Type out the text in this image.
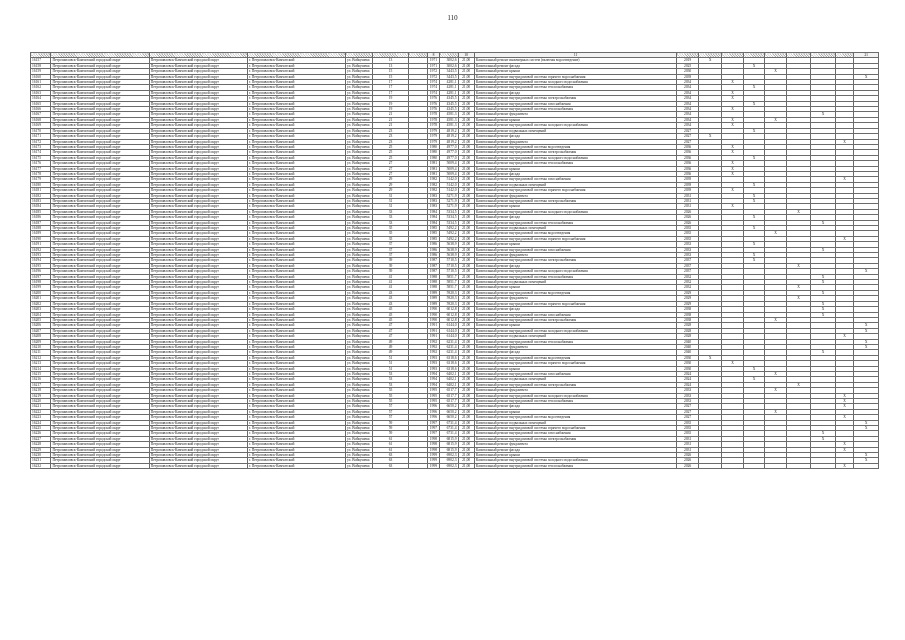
110
							8		10	11									21
16157	Петропавловск-Камчатский городской округ	Петропавловск-Камчатский городской округ	г. Петропавловск-Камчатский	ул. Войцешека	13		1971	3002,6	21,00	Капитальный ремонт инженерных систем (включая водоотведение)	2019	Х							
16158	Петропавловск-Камчатский городской округ	Петропавловск-Камчатский городской округ	г. Петропавловск-Камчатский	ул. Войцешека	13		1971	3002,6	21,00	Капитальный ремонт фасада	2025			Х					
16159	Петропавловск-Камчатский городской округ	Петропавловск-Камчатский городской округ	г. Петропавловск-Камчатский	ул. Войцешека	15		1972	3443,5	21,00	Капитальный ремонт крыши	2030				Х				
16160	Петропавловск-Камчатский городской округ	Петропавловск-Камчатский городской округ	г. Петропавловск-Камчатский	ул. Войцешека	15		1972	3443,5	21,00	Капитальный ремонт внутридомовой системы горячего водоснабжения	2039								Х
16161	Петропавловск-Камчатский городской округ	Петропавловск-Камчатский городской округ	г. Петропавловск-Камчатский	ул. Войцешека	17		1974	4281,1	21,00	Капитальный ремонт внутридомовой системы холодного водоснабжения	2034		Х						
16162	Петропавловск-Камчатский городской округ	Петропавловск-Камчатский городской округ	г. Петропавловск-Камчатский	ул. Войцешека	17		1974	4281,1	21,00	Капитальный ремонт внутридомовой системы теплоснабжения	2034			Х					
16163	Петропавловск-Камчатский городской округ	Петропавловск-Камчатский городской округ	г. Петропавловск-Камчатский	ул. Войцешека	17		1974	4281,1	21,00	Капитальный ремонт фасада	2034		Х						
16164	Петропавловск-Камчатский городской округ	Петропавловск-Камчатский городской округ	г. Петропавловск-Камчатский	ул. Войцешека	19		1976	4345,5	21,00	Капитальный ремонт внутридомовой системы электроснабжения	2034		Х						
16165	Петропавловск-Камчатский городской округ	Петропавловск-Камчатский городской округ	г. Петропавловск-Камчатский	ул. Войцешека	19		1976	4345,5	21,00	Капитальный ремонт внутридомовой системы газоснабжения	2034			Х					
16166	Петропавловск-Камчатский городской округ	Петропавловск-Камчатский городской округ	г. Петропавловск-Камчатский	ул. Войцешека	19		1976	4345,5	21,00	Капитальный ремонт внутридомовой системы теплоснабжения	2034		Х						
16167	Петропавловск-Камчатский городской округ	Петропавловск-Камчатский городской округ	г. Петропавловск-Камчатский	ул. Войцешека	21		1978	4581,3	21,00	Капитальный ремонт фундамента	2034						Х		
16168	Петропавловск-Камчатский городской округ	Петропавловск-Камчатский городской округ	г. Петропавловск-Камчатский	ул. Войцешека	21		1978	4581,3	21,00	Капитальный ремонт крыши	2034		Х		Х				
16169	Петропавловск-Камчатский городской округ	Петропавловск-Камчатский городской округ	г. Петропавловск-Камчатский	ул. Войцешека	21		1978	4581,3	21,00	Капитальный ремонт внутридомовой системы холодного водоснабжения	2034		Х						
16170	Петропавловск-Камчатский городской округ	Петропавловск-Камчатский городской округ	г. Петропавловск-Камчатский	ул. Войцешека	23		1979	4819,2	21,00	Капитальный ремонт подвальных помещений	2027			Х					
16171	Петропавловск-Камчатский городской округ	Петропавловск-Камчатский городской округ	г. Петропавловск-Камчатский	ул. Войцешека	23		1979	4819,2	21,00	Капитальный ремонт фасада	2027	Х							
16172	Петропавловск-Камчатский городской округ	Петропавловск-Камчатский городской округ	г. Петропавловск-Камчатский	ул. Войцешека	23		1979	4819,2	21,00	Капитальный ремонт фундамента	2027							Х	
16173	Петропавловск-Камчатский городской округ	Петропавловск-Камчатский городской округ	г. Петропавловск-Камчатский	ул. Войцешека	25		1980	4977,0	21,00	Капитальный ремонт внутридомовой системы водоотведения	2036		Х						
16174	Петропавловск-Камчатский городской округ	Петропавловск-Камчатский городской округ	г. Петропавловск-Камчатский	ул. Войцешека	25		1980	4977,0	21,00	Капитальный ремонт внутридомовой системы электроснабжения	2036		Х						
16175	Петропавловск-Камчатский городской округ	Петропавловск-Камчатский городской округ	г. Петропавловск-Камчатский	ул. Войцешека	25		1980	4977,0	21,00	Капитальный ремонт внутридомовой системы холодного водоснабжения	2036			Х					
16176	Петропавловск-Камчатский городской округ	Петропавловск-Камчатский городской округ	г. Петропавловск-Камчатский	ул. Войцешека	27		1981	5009,4	21,00	Капитальный ремонт внутридомовой системы теплоснабжения	2036		Х						
16177	Петропавловск-Камчатский городской округ	Петропавловск-Камчатский городской округ	г. Петропавловск-Камчатский	ул. Войцешека	27		1981	5009,4	21,00	Капитальный ремонт крыши	2036		Х						
16178	Петропавловск-Камчатский городской округ	Петропавловск-Камчатский городской округ	г. Петропавловск-Камчатский	ул. Войцешека	27		1981	5009,4	21,00	Капитальный ремонт фасада	2036		Х						
16179	Петропавловск-Камчатский городской округ	Петропавловск-Камчатский городской округ	г. Петропавловск-Камчатский	ул. Войцешека	29		1982	5142,0	21,00	Капитальный ремонт внутридомовой системы газоснабжения	2039							Х	
16180	Петропавловск-Камчатский городской округ	Петропавловск-Камчатский городской округ	г. Петропавловск-Камчатский	ул. Войцешека	29		1982	5142,0	21,00	Капитальный ремонт подвальных помещений	2039			Х					
16181	Петропавловск-Камчатский городской округ	Петропавловск-Камчатский городской округ	г. Петропавловск-Камчатский	ул. Войцешека	29		1982	5142,0	21,00	Капитальный ремонт внутридомовой системы горячего водоснабжения	2039		Х						
16182	Петропавловск-Камчатский городской округ	Петропавловск-Камчатский городской округ	г. Петропавловск-Камчатский	ул. Войцешека	31		1983	5271,9	21,00	Капитальный ремонт фундамента	2031			Х					
16183	Петропавловск-Камчатский городской округ	Петропавловск-Камчатский городской округ	г. Петропавловск-Камчатский	ул. Войцешека	31		1983	5271,9	21,00	Капитальный ремонт внутридомовой системы электроснабжения	2031			Х					
16184	Петропавловск-Камчатский городской округ	Петропавловск-Камчатский городской округ	г. Петропавловск-Камчатский	ул. Войцешека	31		1983	5271,9	21,00	Капитальный ремонт крыши	2031		Х						
16185	Петропавловск-Камчатский городской округ	Петропавловск-Камчатский городской округ	г. Петропавловск-Камчатский	ул. Войцешека	33		1984	5334,5	21,00	Капитальный ремонт внутридомовой системы холодного водоснабжения	2026					Х			
16186	Петропавловск-Камчатский городской округ	Петропавловск-Камчатский городской округ	г. Петропавловск-Камчатский	ул. Войцешека	33		1984	5334,5	21,00	Капитальный ремонт фасада	2026			Х					
16187	Петропавловск-Камчатский городской округ	Петропавловск-Камчатский городской округ	г. Петропавловск-Камчатский	ул. Войцешека	33		1984	5334,5	21,00	Капитальный ремонт внутридомовой системы теплоснабжения	2026						Х		
16188	Петропавловск-Камчатский городской округ	Петропавловск-Камчатский городской округ	г. Петропавловск-Камчатский	ул. Войцешека	35		1985	5492,2	21,00	Капитальный ремонт подвальных помещений	2035			Х					
16189	Петропавловск-Камчатский городской округ	Петропавловск-Камчатский городской округ	г. Петропавловск-Камчатский	ул. Войцешека	35		1985	5492,2	21,00	Капитальный ремонт внутридомовой системы водоотведения	2035				Х				
16190	Петропавловск-Камчатский городской округ	Петропавловск-Камчатский городской округ	г. Петропавловск-Камчатский	ул. Войцешека	35		1985	5492,2	21,00	Капитальный ремонт внутридомовой системы горячего водоснабжения	2035							Х	
16191	Петропавловск-Камчатский городской округ	Петропавловск-Камчатский городской округ	г. Петропавловск-Камчатский	ул. Войцешека	37		1986	5638,9	21,00	Капитальный ремонт крыши	2033			Х					
16192	Петропавловск-Камчатский городской округ	Петропавловск-Камчатский городской округ	г. Петропавловск-Камчатский	ул. Войцешека	37		1986	5638,9	21,00	Капитальный ремонт внутридомовой системы газоснабжения	2033						Х		
16193	Петропавловск-Камчатский городской округ	Петропавловск-Камчатский городской округ	г. Петропавловск-Камчатский	ул. Войцешека	37		1986	5638,9	21,00	Капитальный ремонт фундамента	2033			Х					
16194	Петропавловск-Камчатский городской округ	Петропавловск-Камчатский городской округ	г. Петропавловск-Камчатский	ул. Войцешека	39		1987	5710,5	21,00	Капитальный ремонт внутридомовой системы электроснабжения	2037			Х					
16195	Петропавловск-Камчатский городской округ	Петропавловск-Камчатский городской округ	г. Петропавловск-Камчатский	ул. Войцешека	39		1987	5710,5	21,00	Капитальный ремонт фасада	2037					Х			
16196	Петропавловск-Камчатский городской округ	Петропавловск-Камчатский городской округ	г. Петропавловск-Камчатский	ул. Войцешека	39		1987	5710,5	21,00	Капитальный ремонт внутридомовой системы холодного водоснабжения	2037								Х
16197	Петропавловск-Камчатский городской округ	Петропавловск-Камчатский городской округ	г. Петропавловск-Камчатский	ул. Войцешека	41		1988	5851,7	21,00	Капитальный ремонт внутридомовой системы теплоснабжения	2032						Х		
16198	Петропавловск-Камчатский городской округ	Петропавловск-Камчатский городской округ	г. Петропавловск-Камчатский	ул. Войцешека	41		1988	5851,7	21,00	Капитальный ремонт подвальных помещений	2032						Х		
16199	Петропавловск-Камчатский городской округ	Петропавловск-Камчатский городской округ	г. Петропавловск-Камчатский	ул. Войцешека	41		1988	5851,7	21,00	Капитальный ремонт крыши	2032					Х			
16200	Петропавловск-Камчатский городской округ	Петропавловск-Камчатский городской округ	г. Петропавловск-Камчатский	ул. Войцешека	43		1989	5920,3	21,00	Капитальный ремонт внутридомовой системы водоотведения	2029						Х		
16201	Петропавловск-Камчатский городской округ	Петропавловск-Камчатский городской округ	г. Петропавловск-Камчатский	ул. Войцешека	43		1989	5920,3	21,00	Капитальный ремонт фундамента	2029					Х			
16202	Петропавловск-Камчатский городской округ	Петропавловск-Камчатский городской округ	г. Петропавловск-Камчатский	ул. Войцешека	43		1989	5920,3	21,00	Капитальный ремонт внутридомовой системы горячего водоснабжения	2029						Х		
16203	Петропавловск-Камчатский городской округ	Петропавловск-Камчатский городской округ	г. Петропавловск-Камчатский	ул. Войцешека	45		1990	6012,8	21,00	Капитальный ремонт фасада	2038						Х		
16204	Петропавловск-Камчатский городской округ	Петропавловск-Камчатский городской округ	г. Петропавловск-Камчатский	ул. Войцешека	45		1990	6012,8	21,00	Капитальный ремонт внутридомовой системы газоснабжения	2038						Х		
16205	Петропавловск-Камчатский городской округ	Петропавловск-Камчатский городской округ	г. Петропавловск-Камчатский	ул. Войцешека	45		1990	6012,8	21,00	Капитальный ремонт внутридомовой системы электроснабжения	2038				Х				
16206	Петропавловск-Камчатский городской округ	Петропавловск-Камчатский городской округ	г. Петропавловск-Камчатский	ул. Войцешека	47		1991	6144,0	21,00	Капитальный ремонт крыши	2028								Х
16207	Петропавловск-Камчатский городской округ	Петропавловск-Камчатский городской округ	г. Петропавловск-Камчатский	ул. Войцешека	47		1991	6144,0	21,00	Капитальный ремонт внутридомовой системы холодного водоснабжения	2028								Х
16208	Петропавловск-Камчатский городской округ	Петропавловск-Камчатский городской округ	г. Петропавловск-Камчатский	ул. Войцешека	47		1991	6144,0	21,00	Капитальный ремонт подвальных помещений	2028							Х	
16209	Петропавловск-Камчатский городской округ	Петропавловск-Камчатский городской округ	г. Петропавловск-Камчатский	ул. Войцешека	49		1992	6231,4	21,00	Капитальный ремонт внутридомовой системы теплоснабжения	2040								Х
16210	Петропавловск-Камчатский городской округ	Петропавловск-Камчатский городской округ	г. Петропавловск-Камчатский	ул. Войцешека	49		1992	6231,4	21,00	Капитальный ремонт фундамента	2040								Х
16211	Петропавловск-Камчатский городской округ	Петропавловск-Камчатский городской округ	г. Петропавловск-Камчатский	ул. Войцешека	49		1992	6231,4	21,00	Капитальный ремонт фасада	2040						Х		
16212	Петропавловск-Камчатский городской округ	Петропавловск-Камчатский городской округ	г. Петропавловск-Камчатский	ул. Войцешека	51		1993	6318,6	21,00	Капитальный ремонт внутридомовой системы водоотведения	2030	Х							
16213	Петропавловск-Камчатский городской округ	Петропавловск-Камчатский городской округ	г. Петропавловск-Камчатский	ул. Войцешека	51		1993	6318,6	21,00	Капитальный ремонт внутридомовой системы горячего водоснабжения	2030		Х						
16214	Петропавловск-Камчатский городской округ	Петропавловск-Камчатский городской округ	г. Петропавловск-Камчатский	ул. Войцешека	51		1993	6318,6	21,00	Капитальный ремонт крыши	2030			Х					
16215	Петропавловск-Камчатский городской округ	Петропавловск-Камчатский городской округ	г. Петропавловск-Камчатский	ул. Войцешека	53		1994	6402,1	21,00	Капитальный ремонт внутридомовой системы газоснабжения	2024				Х				
16216	Петропавловск-Камчатский городской округ	Петропавловск-Камчатский городской округ	г. Петропавловск-Камчатский	ул. Войцешека	53		1994	6402,1	21,00	Капитальный ремонт подвальных помещений	2024			Х					
16217	Петропавловск-Камчатский городской округ	Петропавловск-Камчатский городской округ	г. Петропавловск-Камчатский	ул. Войцешека	53		1994	6402,1	21,00	Капитальный ремонт внутридомовой системы электроснабжения	2024					Х			
16218	Петропавловск-Камчатский городской округ	Петропавловск-Камчатский городской округ	г. Петропавловск-Камчатский	ул. Войцешека	55		1995	6517,7	21,00	Капитальный ремонт фундамента	2033				Х				
16219	Петропавловск-Камчатский городской округ	Петропавловск-Камчатский городской округ	г. Петропавловск-Камчатский	ул. Войцешека	55		1995	6517,7	21,00	Капитальный ремонт внутридомовой системы холодного водоснабжения	2033							Х	
16220	Петропавловск-Камчатский городской округ	Петропавловск-Камчатский городской округ	г. Петропавловск-Камчатский	ул. Войцешека	55		1995	6517,7	21,00	Капитальный ремонт внутридомовой системы теплоснабжения	2033							Х	
16221	Петропавловск-Камчатский городской округ	Петропавловск-Камчатский городской округ	г. Петропавловск-Камчатский	ул. Войцешека	57		1996	6650,2	21,00	Капитальный ремонт фасада	2027							Х	
16222	Петропавловск-Камчатский городской округ	Петропавловск-Камчатский городской округ	г. Петропавловск-Камчатский	ул. Войцешека	57		1996	6650,2	21,00	Капитальный ремонт крыши	2027				Х				
16223	Петропавловск-Камчатский городской округ	Петропавловск-Камчатский городской округ	г. Петропавловск-Камчатский	ул. Войцешека	57		1996	6650,2	21,00	Капитальный ремонт внутридомовой системы водоотведения	2027							Х	
16224	Петропавловск-Камчатский городской округ	Петропавловск-Камчатский городской округ	г. Петропавловск-Камчатский	ул. Войцешека	59		1997	6731,4	21,00	Капитальный ремонт подвальных помещений	2035								Х
16225	Петропавловск-Камчатский городской округ	Петропавловск-Камчатский городской округ	г. Петропавловск-Камчатский	ул. Войцешека	59		1997	6731,4	21,00	Капитальный ремонт внутридомовой системы горячего водоснабжения	2035								Х
16226	Петропавловск-Камчатский городской округ	Петропавловск-Камчатский городской округ	г. Петропавловск-Камчатский	ул. Войцешека	59		1997	6731,4	21,00	Капитальный ремонт внутридомовой системы газоснабжения	2035						Х		
16227	Петропавловск-Камчатский городской округ	Петропавловск-Камчатский городской округ	г. Петропавловск-Камчатский	ул. Войцешека	61		1998	6815,9	21,00	Капитальный ремонт внутридомовой системы электроснабжения	2031						Х		
16228	Петропавловск-Камчатский городской округ	Петропавловск-Камчатский городской округ	г. Петропавловск-Камчатский	ул. Войцешека	61		1998	6815,9	21,00	Капитальный ремонт фундамента	2031							Х	
16229	Петропавловск-Камчатский городской округ	Петропавловск-Камчатский городской округ	г. Петропавловск-Камчатский	ул. Войцешека	61		1998	6815,9	21,00	Капитальный ремонт фасада	2031							Х	
16230	Петропавловск-Камчатский городской округ	Петропавловск-Камчатский городской округ	г. Петропавловск-Камчатский	ул. Войцешека	63		1999	6902,3	21,00	Капитальный ремонт крыши	2026								Х
16231	Петропавловск-Камчатский городской округ	Петропавловск-Камчатский городской округ	г. Петропавловск-Камчатский	ул. Войцешека	63		1999	6902,3	21,00	Капитальный ремонт внутридомовой системы холодного водоснабжения	2026								Х
16232	Петропавловск-Камчатский городской округ	Петропавловск-Камчатский городской округ	г. Петропавловск-Камчатский	ул. Войцешека	63		1999	6902,3	21,00	Капитальный ремонт внутридомовой системы теплоснабжения	2026							Х	
